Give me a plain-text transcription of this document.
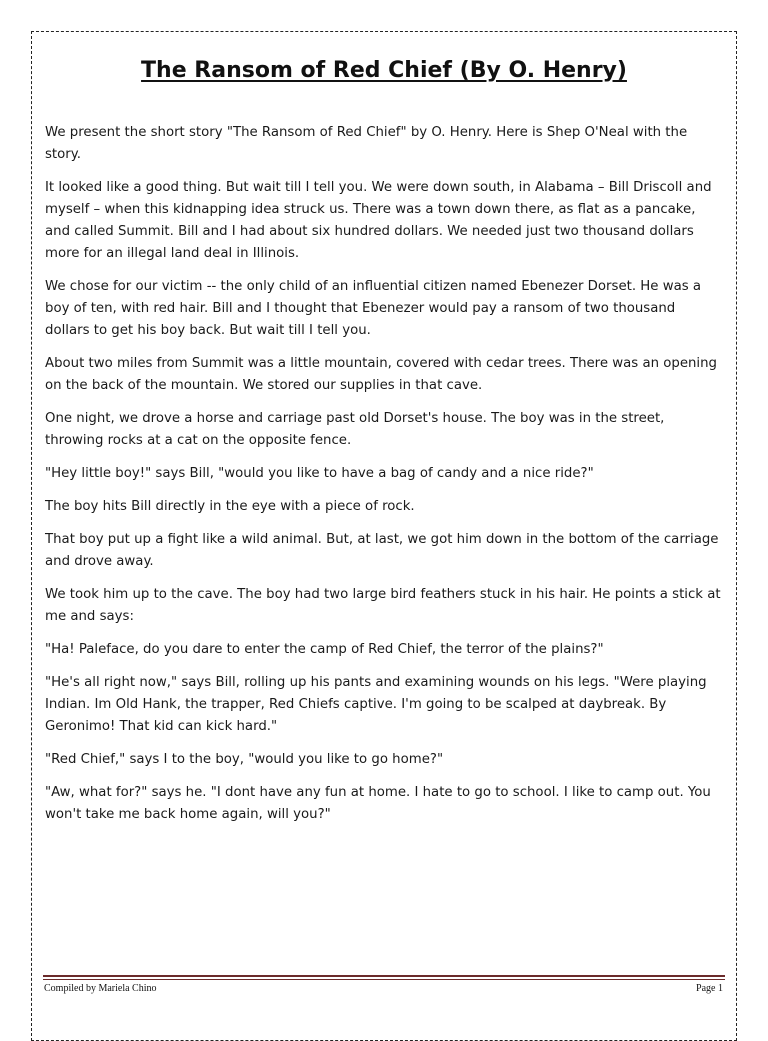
The Ransom of Red Chief (By O. Henry)

We present the short story "The Ransom of Red Chief" by O. Henry. Here is Shep O'Neal with the story.

It looked like a good thing. But wait till I tell you. We were down south, in Alabama – Bill Driscoll and myself – when this kidnapping idea struck us. There was a town down there, as flat as a pancake, and called Summit. Bill and I had about six hundred dollars. We needed just two thousand dollars more for an illegal land deal in Illinois.

We chose for our victim -- the only child of an influential citizen named Ebenezer Dorset. He was a boy of ten, with red hair. Bill and I thought that Ebenezer would pay a ransom of two thousand dollars to get his boy back. But wait till I tell you.

About two miles from Summit was a little mountain, covered with cedar trees. There was an opening on the back of the mountain. We stored our supplies in that cave.

One night, we drove a horse and carriage past old Dorset's house. The boy was in the street, throwing rocks at a cat on the opposite fence.

"Hey little boy!" says Bill, "would you like to have a bag of candy and a nice ride?"

The boy hits Bill directly in the eye with a piece of rock.

That boy put up a fight like a wild animal. But, at last, we got him down in the bottom of the carriage and drove away.

We took him up to the cave. The boy had two large bird feathers stuck in his hair. He points a stick at me and says:

"Ha! Paleface, do you dare to enter the camp of Red Chief, the terror of the plains?"

"He's all right now," says Bill, rolling up his pants and examining wounds on his legs. "Were playing Indian. Im Old Hank, the trapper, Red Chiefs captive. I'm going to be scalped at daybreak. By Geronimo! That kid can kick hard."

"Red Chief," says I to the boy, "would you like to go home?"

"Aw, what for?" says he. "I dont have any fun at home. I hate to go to school. I like to camp out. You won't take me back home again, will you?"

Compiled by Mariela Chino	Page 1
